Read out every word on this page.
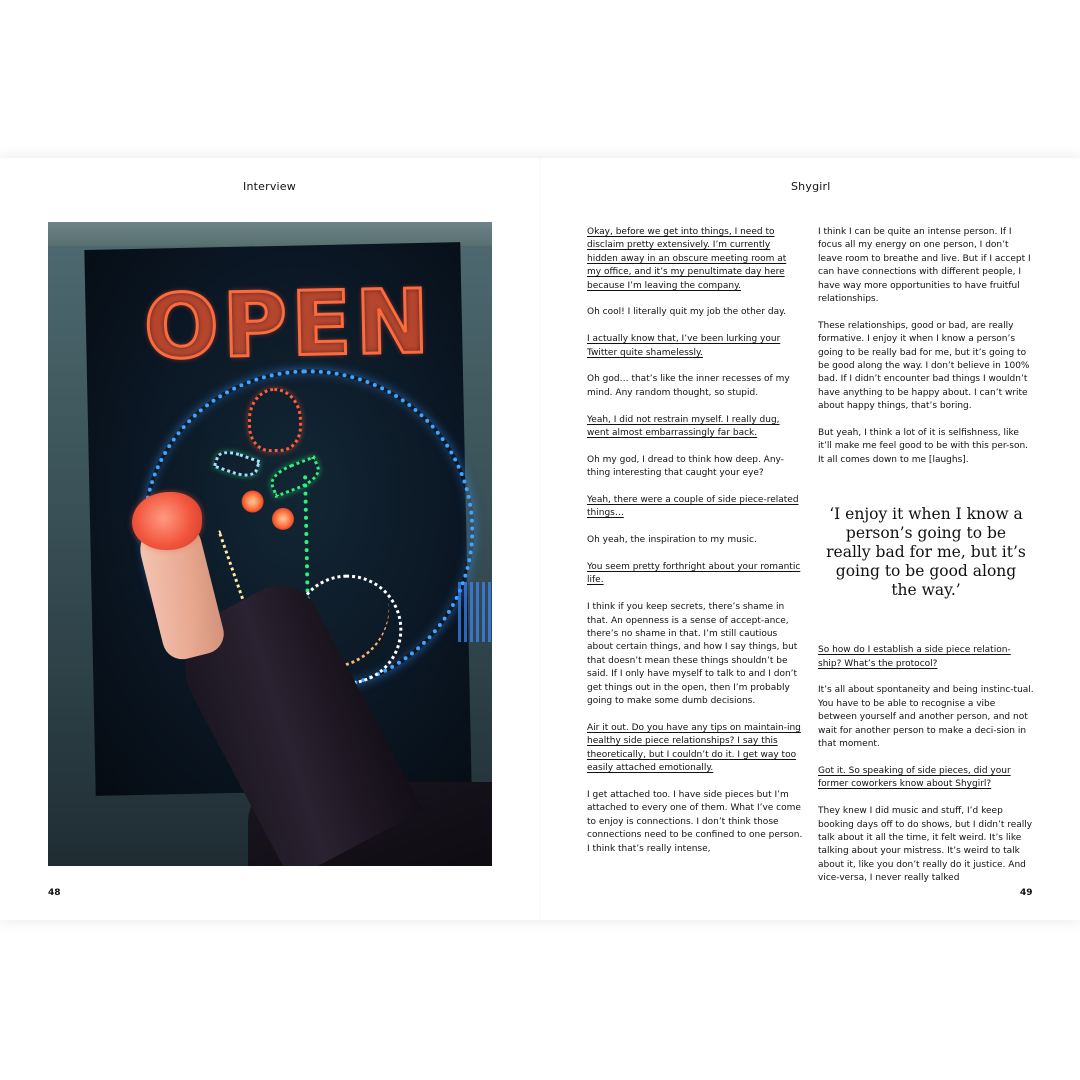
Interview	Shygirl
OPEN

Okay, before we get into things, I need to disclaim pretty extensively. I’m currently hidden away in an obscure meeting room at my office, and it’s my penultimate day here because I’m leaving the company.

Oh cool! I literally quit my job the other day.

I actually know that, I’ve been lurking your Twitter quite shamelessly.

Oh god… that’s like the inner recesses of my mind. Any random thought, so stupid.

Yeah, I did not restrain myself. I really dug, went almost embarrassingly far back.

Oh my god, I dread to think how deep. Any-thing interesting that caught your eye?

Yeah, there were a couple of side piece-related things…

Oh yeah, the inspiration to my music.

You seem pretty forthright about your romantic life.

I think if you keep secrets, there’s shame in that. An openness is a sense of accept-ance, there’s no shame in that. I’m still cautious about certain things, and how I say things, but that doesn’t mean these things shouldn’t be said. If I only have myself to talk to and I don’t get things out in the open, then I’m probably going to make some dumb decisions.

Air it out. Do you have any tips on maintain-ing healthy side piece relationships? I say this theoretically, but I couldn’t do it. I get way too easily attached emotionally.

I get attached too. I have side pieces but I’m attached to every one of them. What I’ve come to enjoy is connections. I don’t think those connections need to be confined to one person. I think that’s really intense,

I think I can be quite an intense person. If I focus all my energy on one person, I don’t leave room to breathe and live. But if I accept I can have connections with different people, I have way more opportunities to have fruitful relationships.

These relationships, good or bad, are really formative. I enjoy it when I know a person’s going to be really bad for me, but it’s going to be good along the way. I don’t believe in 100% bad. If I didn’t encounter bad things I wouldn’t have anything to be happy about. I can’t write about happy things, that’s boring.

But yeah, I think a lot of it is selfishness, like it’ll make me feel good to be with this per-son. It all comes down to me [laughs].

‘I enjoy it when I know a person’s going to be really bad for me, but it’s going to be good along the way.’

So how do I establish a side piece relation-ship? What’s the protocol?

It’s all about spontaneity and being instinc-tual. You have to be able to recognise a vibe between yourself and another person, and not wait for another person to make a deci-sion in that moment.

Got it. So speaking of side pieces, did your former coworkers know about Shygirl?

They knew I did music and stuff, I’d keep booking days off to do shows, but I didn’t really talk about it all the time, it felt weird. It’s like talking about your mistress. It’s weird to talk about it, like you don’t really do it justice. And vice-versa, I never really talked

48	49
